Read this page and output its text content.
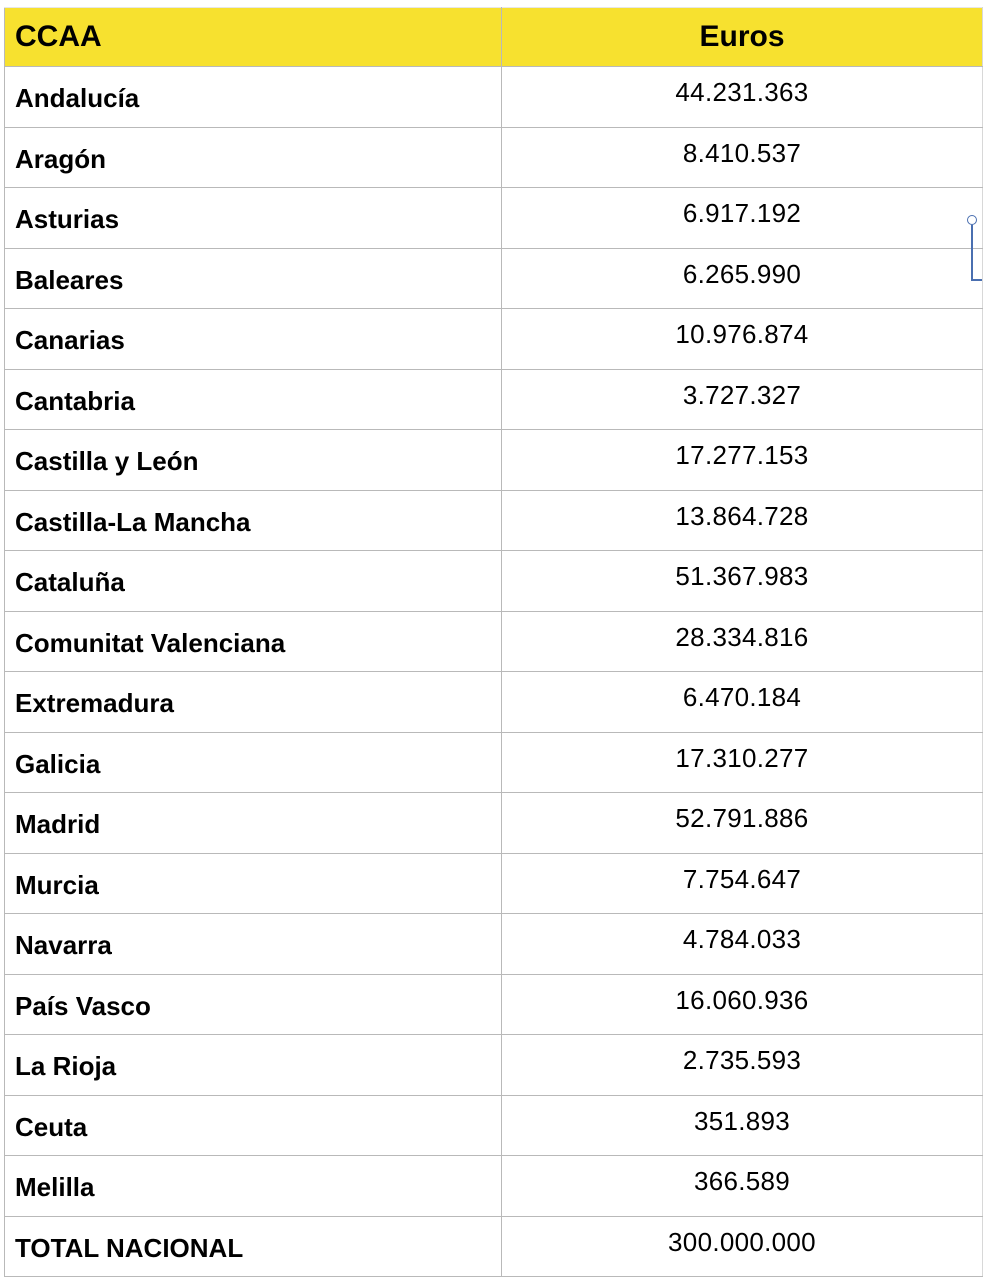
CCAA	Euros
Andalucía	44.231.363
Aragón	8.410.537
Asturias	6.917.192
Baleares	6.265.990
Canarias	10.976.874
Cantabria	3.727.327
Castilla y León	17.277.153
Castilla-La Mancha	13.864.728
Cataluña	51.367.983
Comunitat Valenciana	28.334.816
Extremadura	6.470.184
Galicia	17.310.277
Madrid	52.791.886
Murcia	7.754.647
Navarra	4.784.033
País Vasco	16.060.936
La Rioja	2.735.593
Ceuta	351.893
Melilla	366.589
TOTAL NACIONAL	300.000.000
